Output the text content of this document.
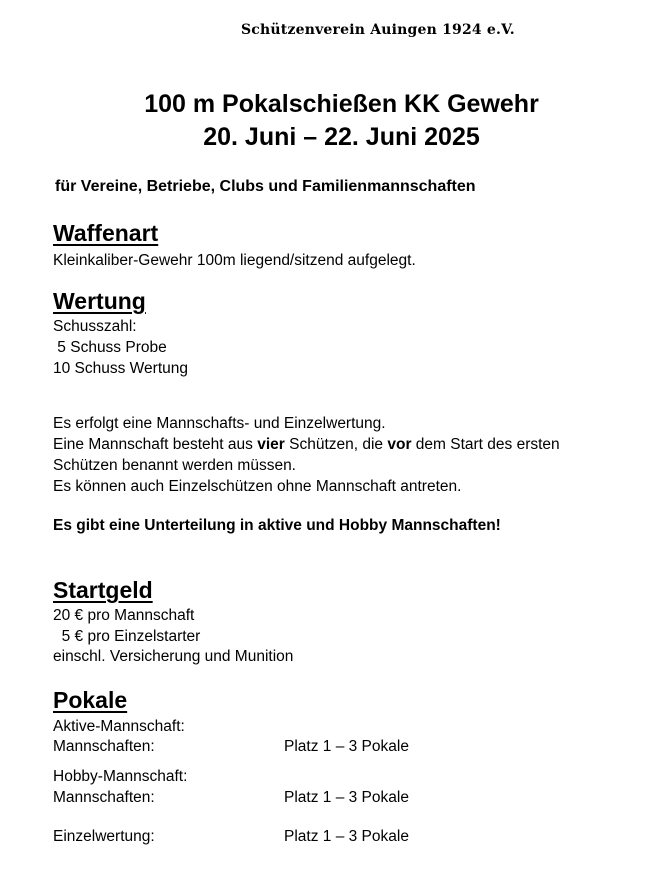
Schützenverein Auingen 1924 e.V.
100 m Pokalschießen KK Gewehr
20. Juni – 22. Juni 2025
für Vereine, Betriebe, Clubs und Familienmannschaften
Waffenart
Kleinkaliber-Gewehr 100m liegend/sitzend aufgelegt.
Wertung
Schusszahl:
5 Schuss Probe
10 Schuss Wertung
Es erfolgt eine Mannschafts- und Einzelwertung.
Eine Mannschaft besteht aus vier Schützen, die vor dem Start des ersten
Schützen benannt werden müssen.
Es können auch Einzelschützen ohne Mannschaft antreten.
Es gibt eine Unterteilung in aktive und Hobby Mannschaften!
Startgeld
20 € pro Mannschaft
5 € pro Einzelstarter
einschl. Versicherung und Munition
Pokale
Aktive-Mannschaft:
Mannschaften:	Platz 1 – 3 Pokale
Hobby-Mannschaft:
Mannschaften:	Platz 1 – 3 Pokale
Einzelwertung:	Platz 1 – 3 Pokale
